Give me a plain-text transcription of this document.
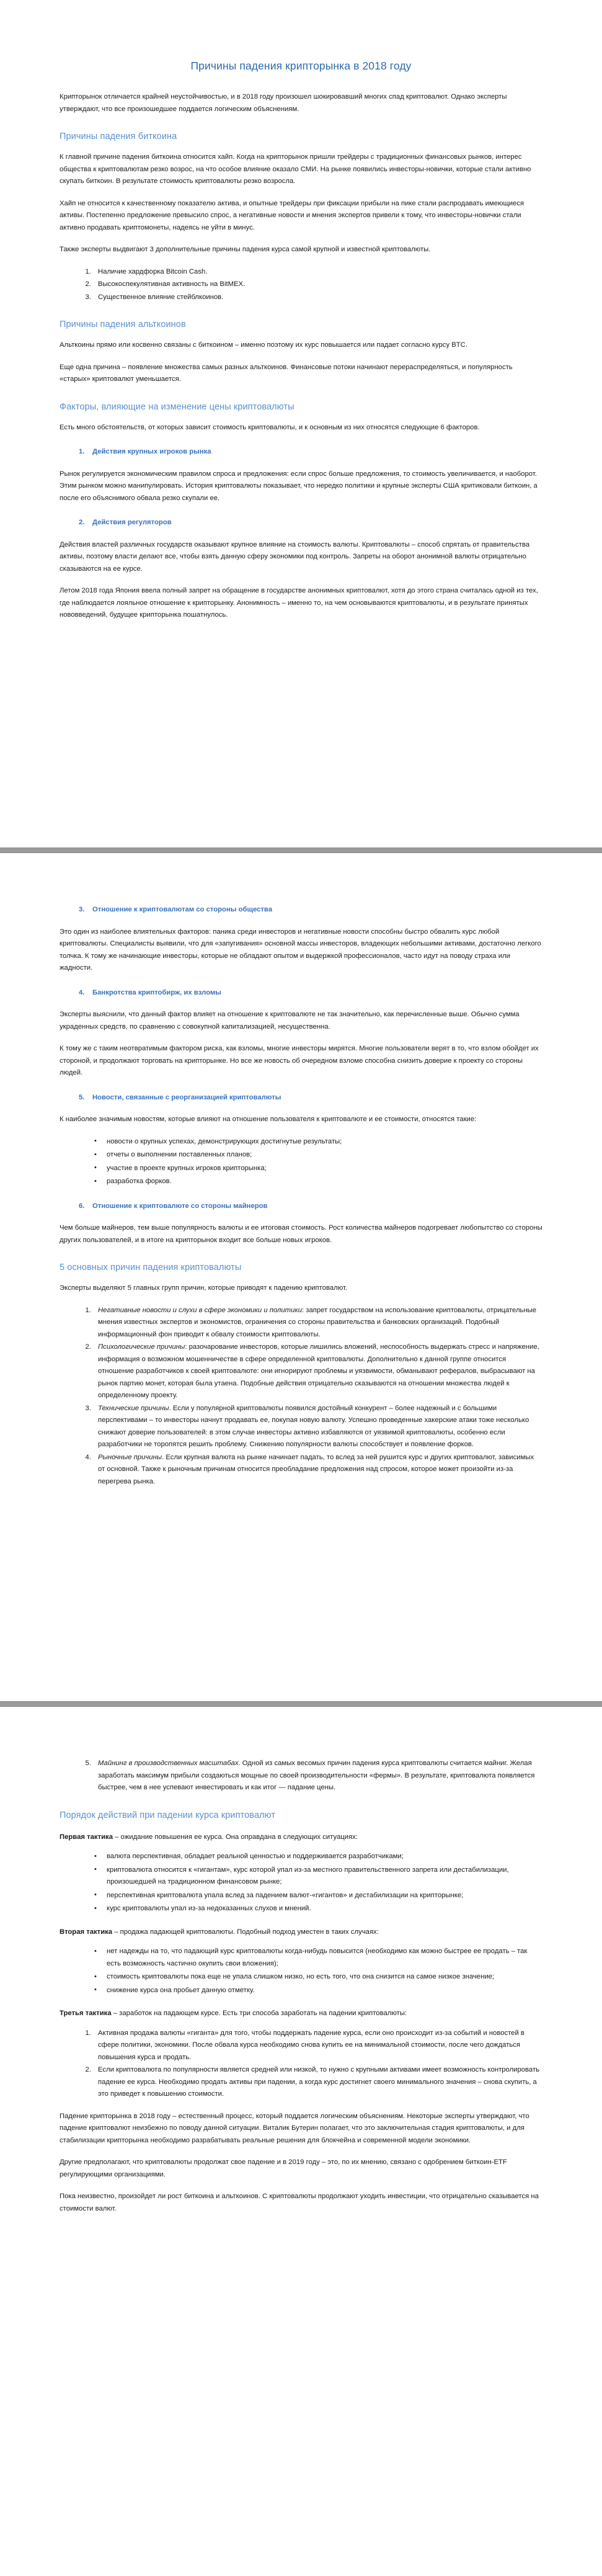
Причины падения крипторынка в 2018 году

Крипторынок отличается крайней неустойчивостью, и в 2018 году произошел шокировавший многих спад криптовалют. Однако эксперты утверждают, что все произошедшее поддается логическим объяснениям.

Причины падения биткоина

К главной причине падения биткоина относится хайп. Когда на крипторынок пришли трейдеры с традиционных финансовых рынков, интерес общества к криптовалютам резко возрос, на что особое влияние оказало СМИ. На рынке появились инвесторы-новички, которые стали активно скупать биткоин. В результате стоимость криптовалюты резко возросла.

Хайп не относится к качественному показателю актива, и опытные трейдеры при фиксации прибыли на пике стали распродавать имеющиеся активы. Постепенно предложение превысило спрос, а негативные новости и мнения экспертов привели к тому, что инвесторы-новички стали активно продавать криптомонеты, надеясь не уйти в минус.

Также эксперты выдвигают 3 дополнительные причины падения курса самой крупной и известной криптовалюты.

1. Наличие хардфорка Bitcoin Cash.
2. Высокоспекулятивная активность на BitMEX.
3. Существенное влияние стейблкоинов.
Причины падения альткоинов

Альткоины прямо или косвенно связаны с биткоином – именно поэтому их курс повышается или падает согласно курсу BTC.

Еще одна причина – появление множества самых разных альткоинов. Финансовые потоки начинают перераспределяться, и популярность «старых» криптовалют уменьшается.

Факторы, влияющие на изменение цены криптовалюты

Есть много обстоятельств, от которых зависит стоимость криптовалюты, и к основным из них относятся следующие 6 факторов.

1. Действия крупных игроков рынка

Рынок регулируется экономическим правилом спроса и предложения: если спрос больше предложения, то стоимость увеличивается, и наоборот. Этим рынком можно манипулировать. История криптовалюты показывает, что нередко политики и крупные эксперты США критиковали биткоин, а после его объяснимого обвала резко скупали ее.

2. Действия регуляторов

Действия властей различных государств оказывают крупное влияние на стоимость валюты. Криптовалюты – способ спрятать от правительства активы, поэтому власти делают все, чтобы взять данную сферу экономики под контроль. Запреты на оборот анонимной валюты отрицательно сказываются на ее курсе.

Летом 2018 года Япония ввела полный запрет на обращение в государстве анонимных криптовалют, хотя до этого страна считалась одной из тех, где наблюдается лояльное отношение к крипторынку. Анонимность – именно то, на чем основываются криптовалюты, и в результате принятых нововведений, будущее крипторынка пошатнулось.

3. Отношение к криптовалютам со стороны общества

Это один из наиболее влиятельных факторов: паника среди инвесторов и негативные новости способны быстро обвалить курс любой криптовалюты. Специалисты выявили, что для «запугивания» основной массы инвесторов, владеющих небольшими активами, достаточно легкого толчка. К тому же начинающие инвесторы, которые не обладают опытом и выдержкой профессионалов, часто идут на поводу страха или жадности.

4. Банкротства криптобирж, их взломы

Эксперты выяснили, что данный фактор влияет на отношение к криптовалюте не так значительно, как перечисленные выше. Обычно сумма украденных средств, по сравнению с совокупной капитализацией, несущественна.

К тому же с таким неотвратимым фактором риска, как взломы, многие инвесторы мирятся. Многие пользователи верят в то, что взлом обойдет их стороной, и продолжают торговать на крипторынке. Но все же новость об очередном взломе способна снизить доверие к проекту со стороны людей.

5. Новости, связанные с реорганизацией криптовалюты

К наиболее значимым новостям, которые влияют на отношение пользователя к криптовалюте и ее стоимости, относятся такие:

• новости о крупных успехах, демонстрирующих достигнутые результаты;
• отчеты о выполнении поставленных планов;
• участие в проекте крупных игроков крипторынка;
• разработка форков.
6. Отношение к криптовалюте со стороны майнеров

Чем больше майнеров, тем выше популярность валюты и ее итоговая стоимость. Рост количества майнеров подогревает любопытство со стороны других пользователей, и в итоге на крипторынок входит все больше новых игроков.

5 основных причин падения криптовалюты

Эксперты выделяют 5 главных групп причин, которые приводят к падению криптовалют.

1. Негативные новости и слухи в сфере экономики и политики: запрет государством на использование криптовалюты, отрицательные мнения известных экспертов и экономистов, ограничения со стороны правительства и банковских организаций. Подобный информационный фон приводит к обвалу стоимости криптовалюты.
2. Психологические причины: разочарование инвесторов, которые лишились вложений, неспособность выдержать стресс и напряжение, информация о возможном мошенничестве в сфере определенной криптовалюты. Дополнительно к данной группе относится отношение разработчиков к своей криптовалюте: они игнорируют проблемы и уязвимости, обманывают рефералов, выбрасывают на рынок партию монет, которая была утаена. Подобные действия отрицательно сказываются на отношении множества людей к определенному проекту.
3. Технические причины. Если у популярной криптовалюты появился достойный конкурент – более надежный и с большими перспективами – то инвесторы начнут продавать ее, покупая новую валюту. Успешно проведенные хакерские атаки тоже несколько снижают доверие пользователей: в этом случае инвесторы активно избавляются от уязвимой криптовалюты, особенно если разработчики не торопятся решить проблему. Снижению популярности валюты способствует и появление форков.
4. Рыночные причины. Если крупная валюта на рынке начинает падать, то вслед за ней рушится курс и других криптовалют, зависимых от основной. Также к рыночным причинам относится преобладание предложения над спросом, которое может произойти из-за перегрева рынка.
5. Майнинг в производственных масштабах. Одной из самых весомых причин падения курса криптовалюты считается майниг. Желая заработать максимум прибыли создаються мощные по своей производительности «фермы». В результате, криптовалюта появляется быстрее, чем в нее успевают инвестировать и как итог — падание цены.
Порядок действий при падении курса криптовалют

Первая тактика – ожидание повышения ее курса. Она оправдана в следующих ситуациях:

• валюта перспективная, обладает реальной ценностью и поддерживается разработчиками;
• криптовалюта относится к «гигантам», курс которой упал из-за местного правительственного запрета или дестабилизации, произошедшей на традиционном финансовом рынке;
• перспективная криптовалюта упала вслед за падением валют-«гигантов» и дестабилизации на крипторынке;
• курс криптовалюты упал из-за недоказанных слухов и мнений.

Вторая тактика – продажа падающей криптовалюты. Подобный подход уместен в таких случаях:

• нет надежды на то, что падающий курс криптовалюты когда-нибудь повысится (необходимо как можно быстрее ее продать – так есть возможность частично окупить свои вложения);
• стоимость криптовалюты пока еще не упала слишком низко, но есть того, что она снизится на самое низкое значение;
• снижение курса она пробьет данную отметку.

Третья тактика – заработок на падающем курсе. Есть три способа заработать на падении криптовалюты:

1. Активная продажа валюты «гиганта» для того, чтобы поддержать падение курса, если оно происходит из-за событий и новостей в сфере политики, экономики. После обвала курса необходимо снова купить ее на минимальной стоимости, после чего дождаться повышения курса и продать.
2. Если криптовалюта по популярности является средней или низкой, то нужно с крупными активами имеет возможность контролировать падение ее курса. Необходимо продать активы при падении, а когда курс достигнет своего минимального значения – снова скупить, а это приведет к повышению стоимости.

Падение крипторынка в 2018 году – естественный процесс, который поддается логическим объяснениям. Некоторые эксперты утверждают, что падение криптовалют неизбежно по поводу данной ситуации. Виталик Бутерин полагает, что это заключительная стадия криптовалюты, и для стабилизации крипторынка необходимо разрабатывать реальные решения для блокчейна и современной модели экономики.

Другие предполагают, что криптовалюты продолжат свое падение и в 2019 году – это, по их мнению, связано с одобрением биткоин-ETF регулирующими организациями.

Пока неизвестно, произойдет ли рост биткоина и альткоинов. С криптовалюты продолжают уходить инвестиции, что отрицательно сказывается на стоимости валют.
